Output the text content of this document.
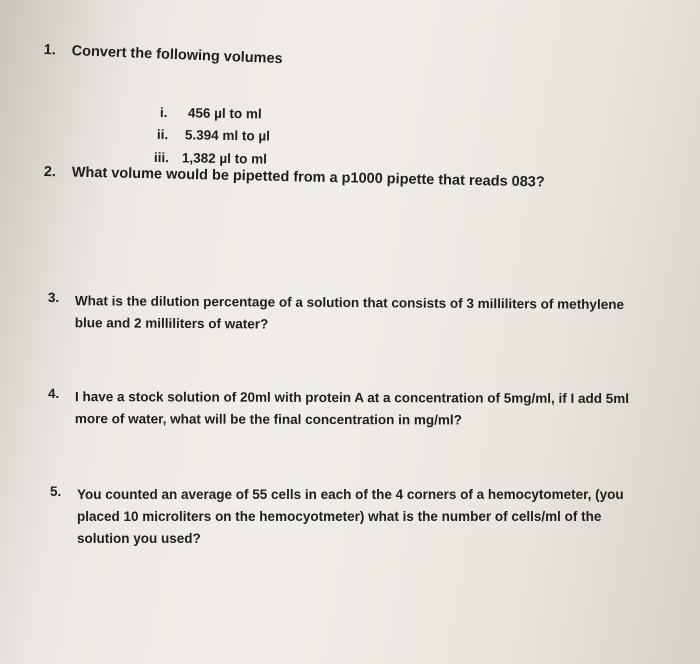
1. Convert the following volumes
i. 456 µl to ml
ii. 5.394 ml to µl
iii. 1,382 µl to ml
2. What volume would be pipetted from a p1000 pipette that reads 083?
3. What is the dilution percentage of a solution that consists of 3 milliliters of methylene
blue and 2 milliliters of water?
4. I have a stock solution of 20ml with protein A at a concentration of 5mg/ml, if I add 5ml
more of water, what will be the final concentration in mg/ml?
5. You counted an average of 55 cells in each of the 4 corners of a hemocytometer, (you
placed 10 microliters on the hemocyotmeter) what is the number of cells/ml of the
solution you used?
